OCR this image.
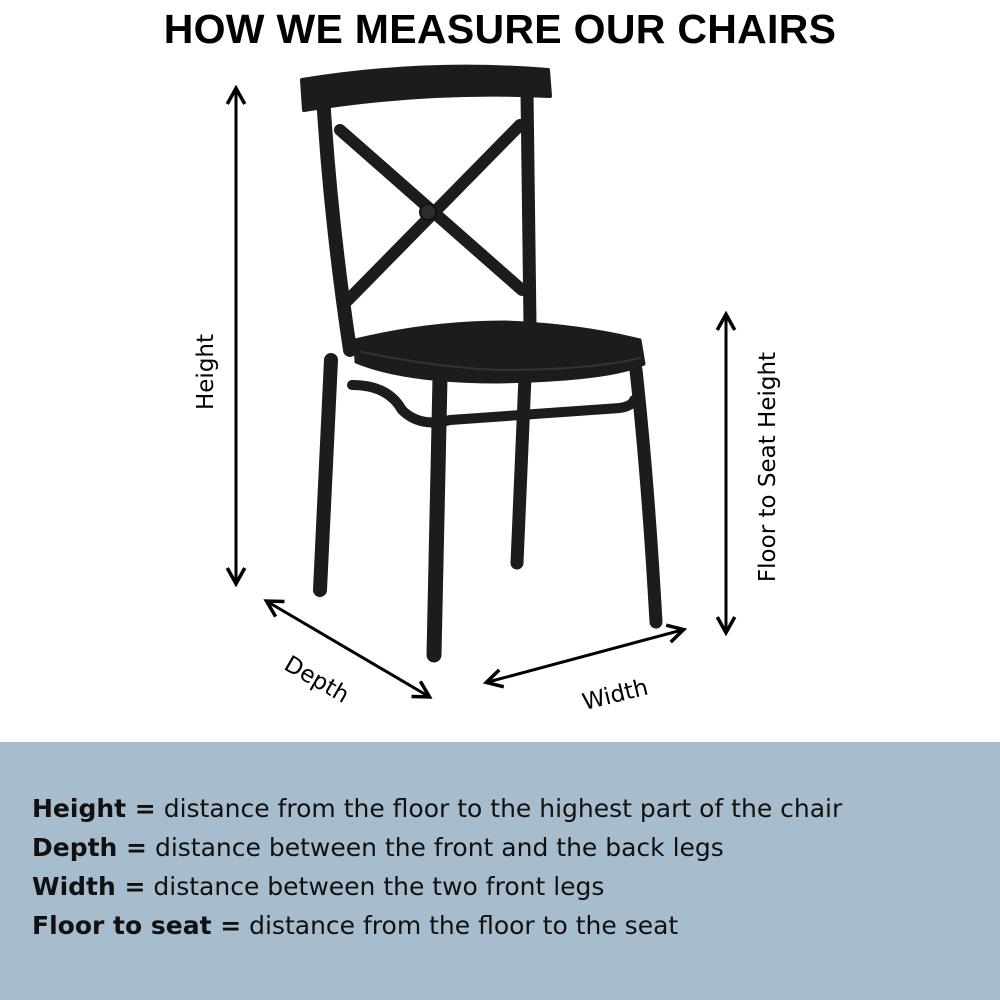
HOW WE MEASURE OUR CHAIRS
Height	Floor to Seat Height
Depth	Width
Height = distance from the floor to the highest part of the chair
Depth = distance between the front and the back legs
Width = distance between the two front legs
Floor to seat = distance from the floor to the seat
